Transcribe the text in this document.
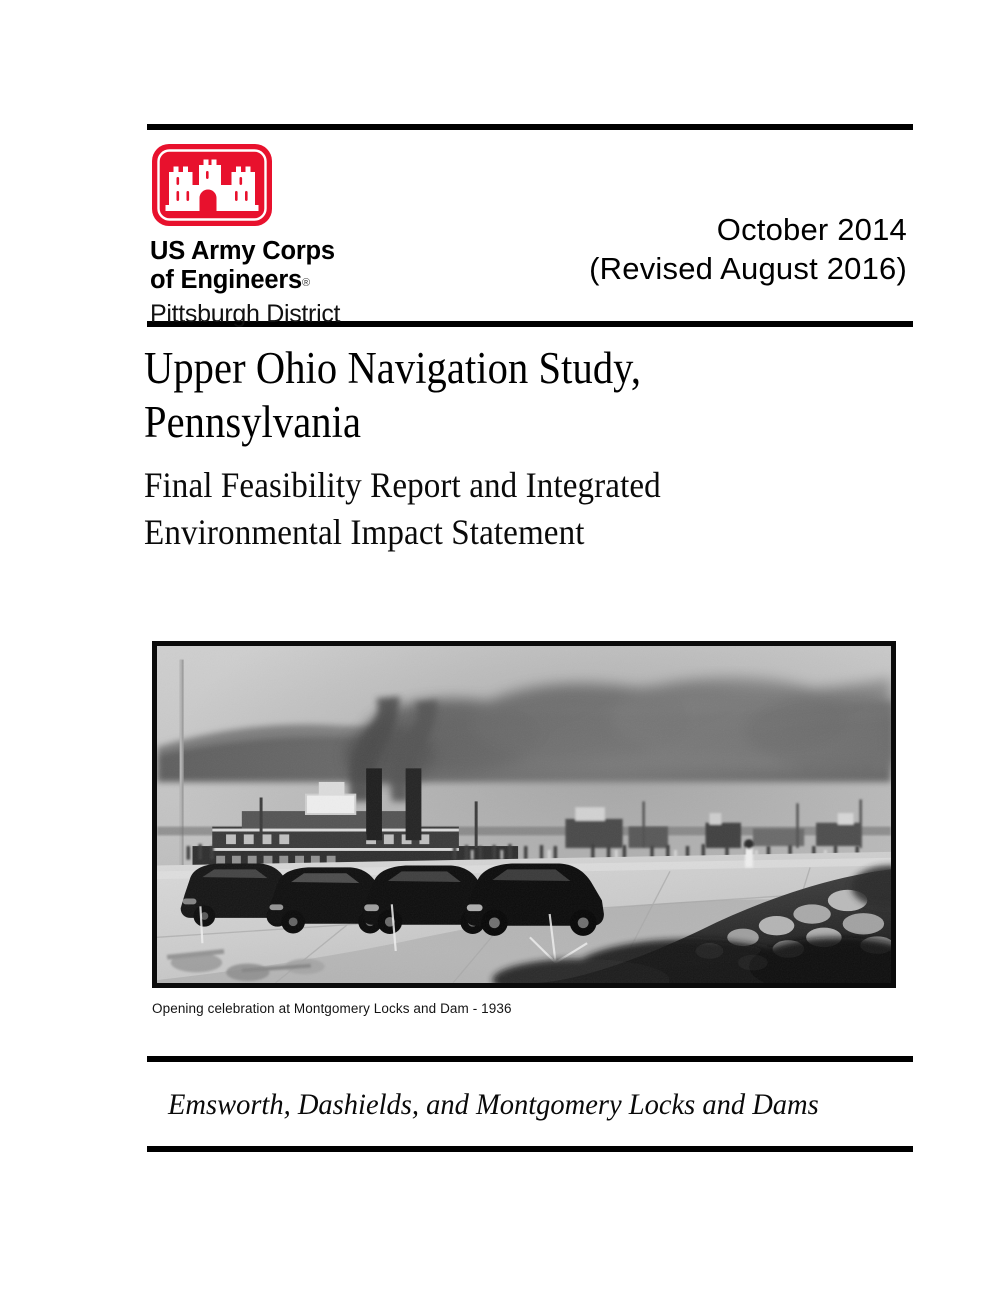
US Army Corps
of Engineers®
Pittsburgh District
October 2014
(Revised August 2016)
Upper Ohio Navigation Study,
Pennsylvania
Final Feasibility Report and Integrated
Environmental Impact Statement
Opening celebration at Montgomery Locks and Dam - 1936
Emsworth, Dashields, and Montgomery Locks and Dams
